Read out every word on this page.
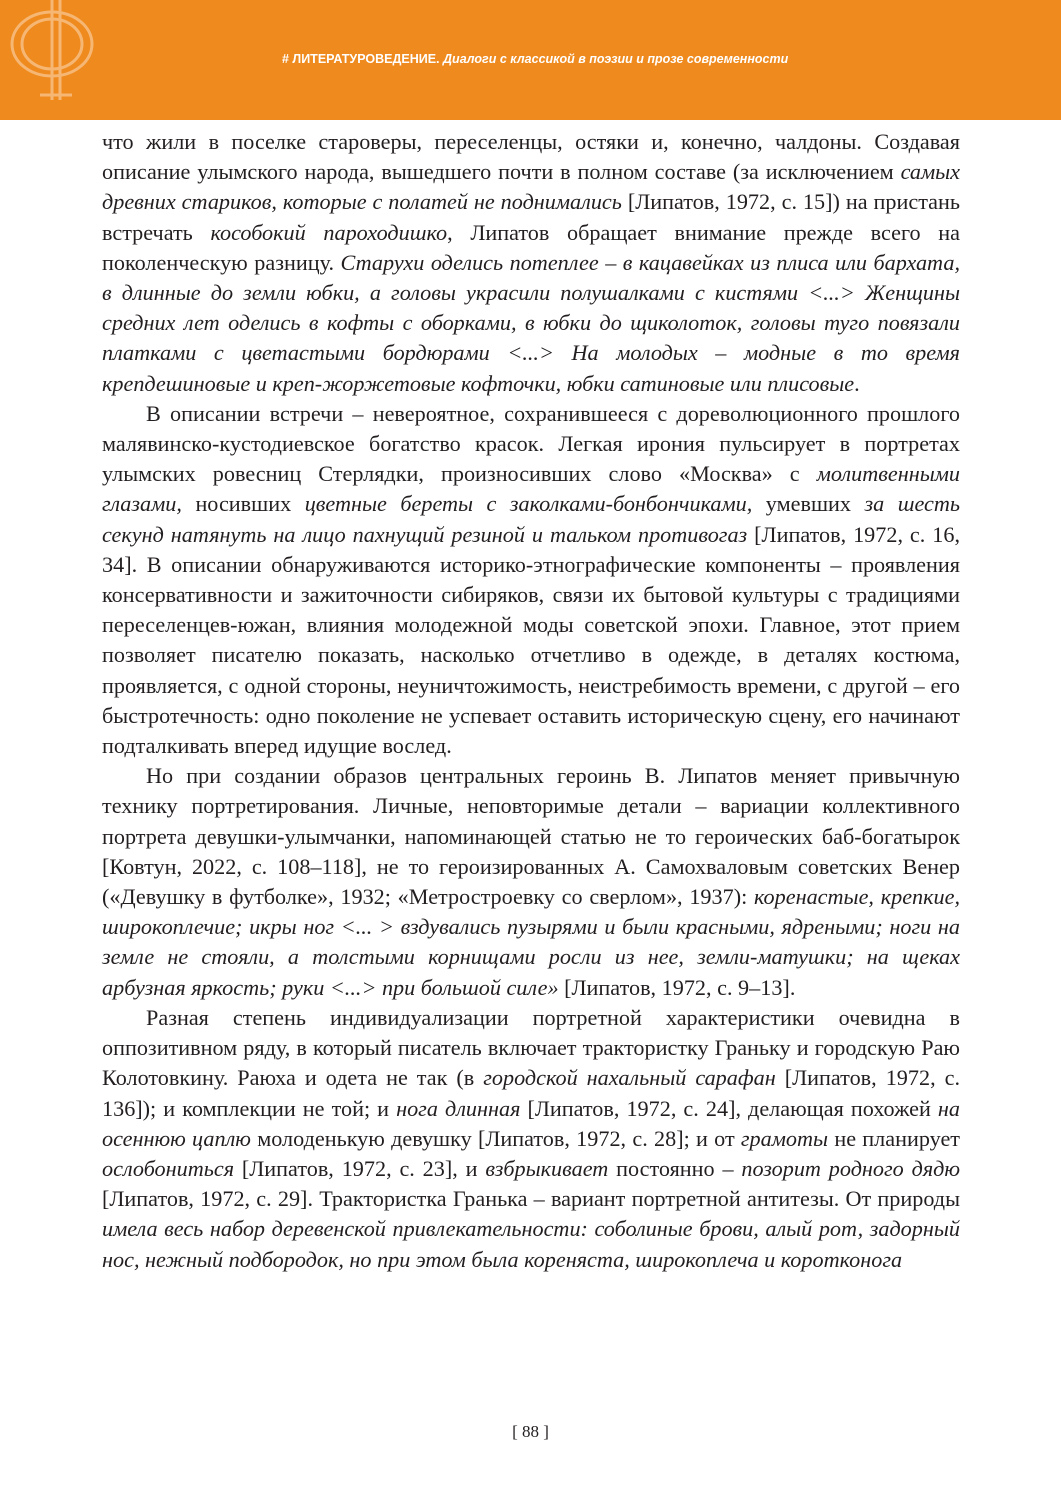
# ЛИТЕРАТУРОВЕДЕНИЕ. Диалоги с классикой в поэзии и прозе современности

что жили в поселке староверы, переселенцы, остяки и, конечно, чалдоны. Создавая описание улымского народа, вышедшего почти в полном составе (за исключением самых древних стариков, которые с полатей не поднимались [Липатов, 1972, с. 15]) на пристань встречать кособокий пароходишко, Липатов обращает внимание прежде всего на поколенческую разницу. Старухи оделись потеплее – в кацавейках из плиса или бархата, в длинные до земли юбки, а головы украсили полушалками с кистями <...> Женщины средних лет оделись в кофты с оборками, в юбки до щиколоток, головы туго повязали платками с цветастыми бордюрами <...> На молодых – модные в то время крепдешиновые и креп-жоржетовые кофточки, юбки сатиновые или плисовые.

В описании встречи – невероятное, сохранившееся с дореволюционного прошлого малявинско-кустодиевское богатство красок. Легкая ирония пульсирует в портретах улымских ровесниц Стерлядки, произносивших слово «Москва» с молитвенными глазами, носивших цветные береты с заколками-бонбончиками, умевших за шесть секунд натянуть на лицо пахнущий резиной и тальком противогаз [Липатов, 1972, с. 16, 34]. В описании обнаруживаются историко-этнографические компоненты – проявления консервативности и зажиточности сибиряков, связи их бытовой культуры с традициями переселенцев-южан, влияния молодежной моды советской эпохи. Главное, этот прием позволяет писателю показать, насколько отчетливо в одежде, в деталях костюма, проявляется, с одной стороны, неуничтожимость, неистребимость времени, с другой – его быстротечность: одно поколение не успевает оставить историческую сцену, его начинают подталкивать вперед идущие вослед.

Но при создании образов центральных героинь В. Липатов меняет привычную технику портретирования. Личные, неповторимые детали – вариации коллективного портрета девушки-улымчанки, напоминающей статью не то героических баб-богатырок [Ковтун, 2022, с. 108–118], не то героизированных А. Самохваловым советских Венер («Девушку в футболке», 1932; «Метростроевку со сверлом», 1937): коренастые, крепкие, широкоплечие; икры ног <... > вздувались пузырями и были красными, ядреными; ноги на земле не стояли, а толстыми корнищами росли из нее, земли-матушки; на щеках арбузная яркость; руки <...> при большой силе» [Липатов, 1972, с. 9–13].

Разная степень индивидуализации портретной характеристики очевидна в оппозитивном ряду, в который писатель включает трактористку Граньку и городскую Раю Колотовкину. Раюха и одета не так (в городской нахальный сарафан [Липатов, 1972, с. 136]); и комплекции не той; и нога длинная [Липатов, 1972, с. 24], делающая похожей на осеннюю цаплю молоденькую девушку [Липатов, 1972, с. 28]; и от грамоты не планирует ослобониться [Липатов, 1972, с. 23], и взбрыкивает постоянно – позорит родного дядю [Липатов, 1972, с. 29]. Трактористка Гранька – вариант портретной антитезы. От природы имела весь набор деревенской привлекательности: соболиные брови, алый рот, задорный нос, нежный подбородок, но при этом была кореняста, широкоплеча и коротконога

[ 88 ]
